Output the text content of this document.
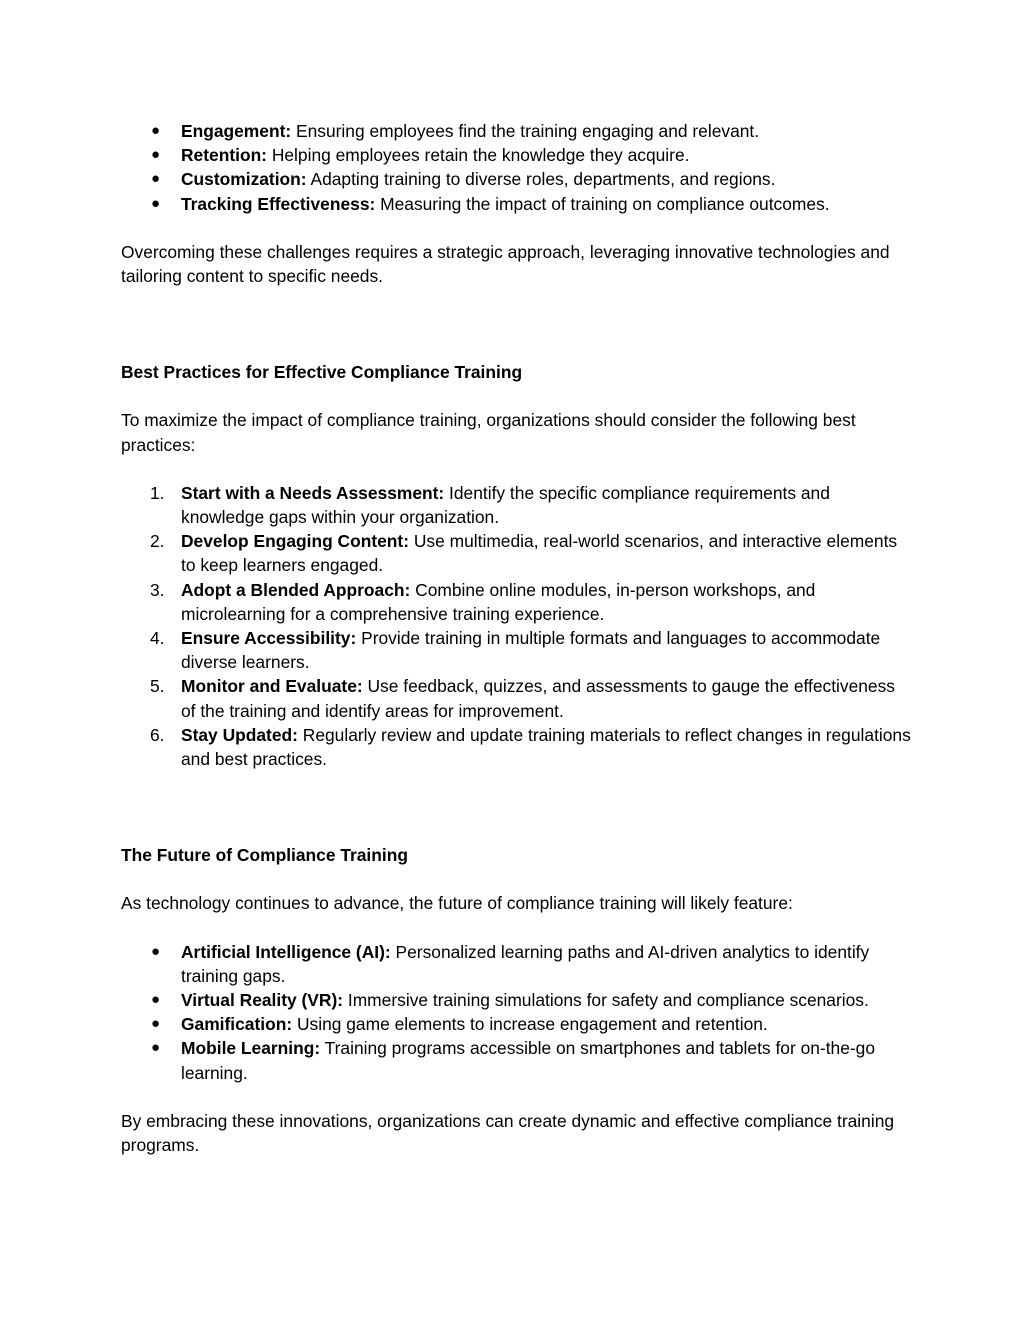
●	Engagement: Ensuring employees find the training engaging and relevant.
●	Retention: Helping employees retain the knowledge they acquire.
●	Customization: Adapting training to diverse roles, departments, and regions.
●	Tracking Effectiveness: Measuring the impact of training on compliance outcomes.

Overcoming these challenges requires a strategic approach, leveraging innovative technologies and tailoring content to specific needs.

Best Practices for Effective Compliance Training

To maximize the impact of compliance training, organizations should consider the following best practices:

1. Start with a Needs Assessment: Identify the specific compliance requirements and knowledge gaps within your organization.
2. Develop Engaging Content: Use multimedia, real-world scenarios, and interactive elements to keep learners engaged.
3. Adopt a Blended Approach: Combine online modules, in-person workshops, and microlearning for a comprehensive training experience.
4. Ensure Accessibility: Provide training in multiple formats and languages to accommodate diverse learners.
5. Monitor and Evaluate: Use feedback, quizzes, and assessments to gauge the effectiveness of the training and identify areas for improvement.
6. Stay Updated: Regularly review and update training materials to reflect changes in regulations and best practices.
The Future of Compliance Training

As technology continues to advance, the future of compliance training will likely feature:

●	Artificial Intelligence (AI): Personalized learning paths and AI-driven analytics to identify training gaps.
●	Virtual Reality (VR): Immersive training simulations for safety and compliance scenarios.
●	Gamification: Using game elements to increase engagement and retention.
●	Mobile Learning: Training programs accessible on smartphones and tablets for on-the-go learning.

By embracing these innovations, organizations can create dynamic and effective compliance training programs.
